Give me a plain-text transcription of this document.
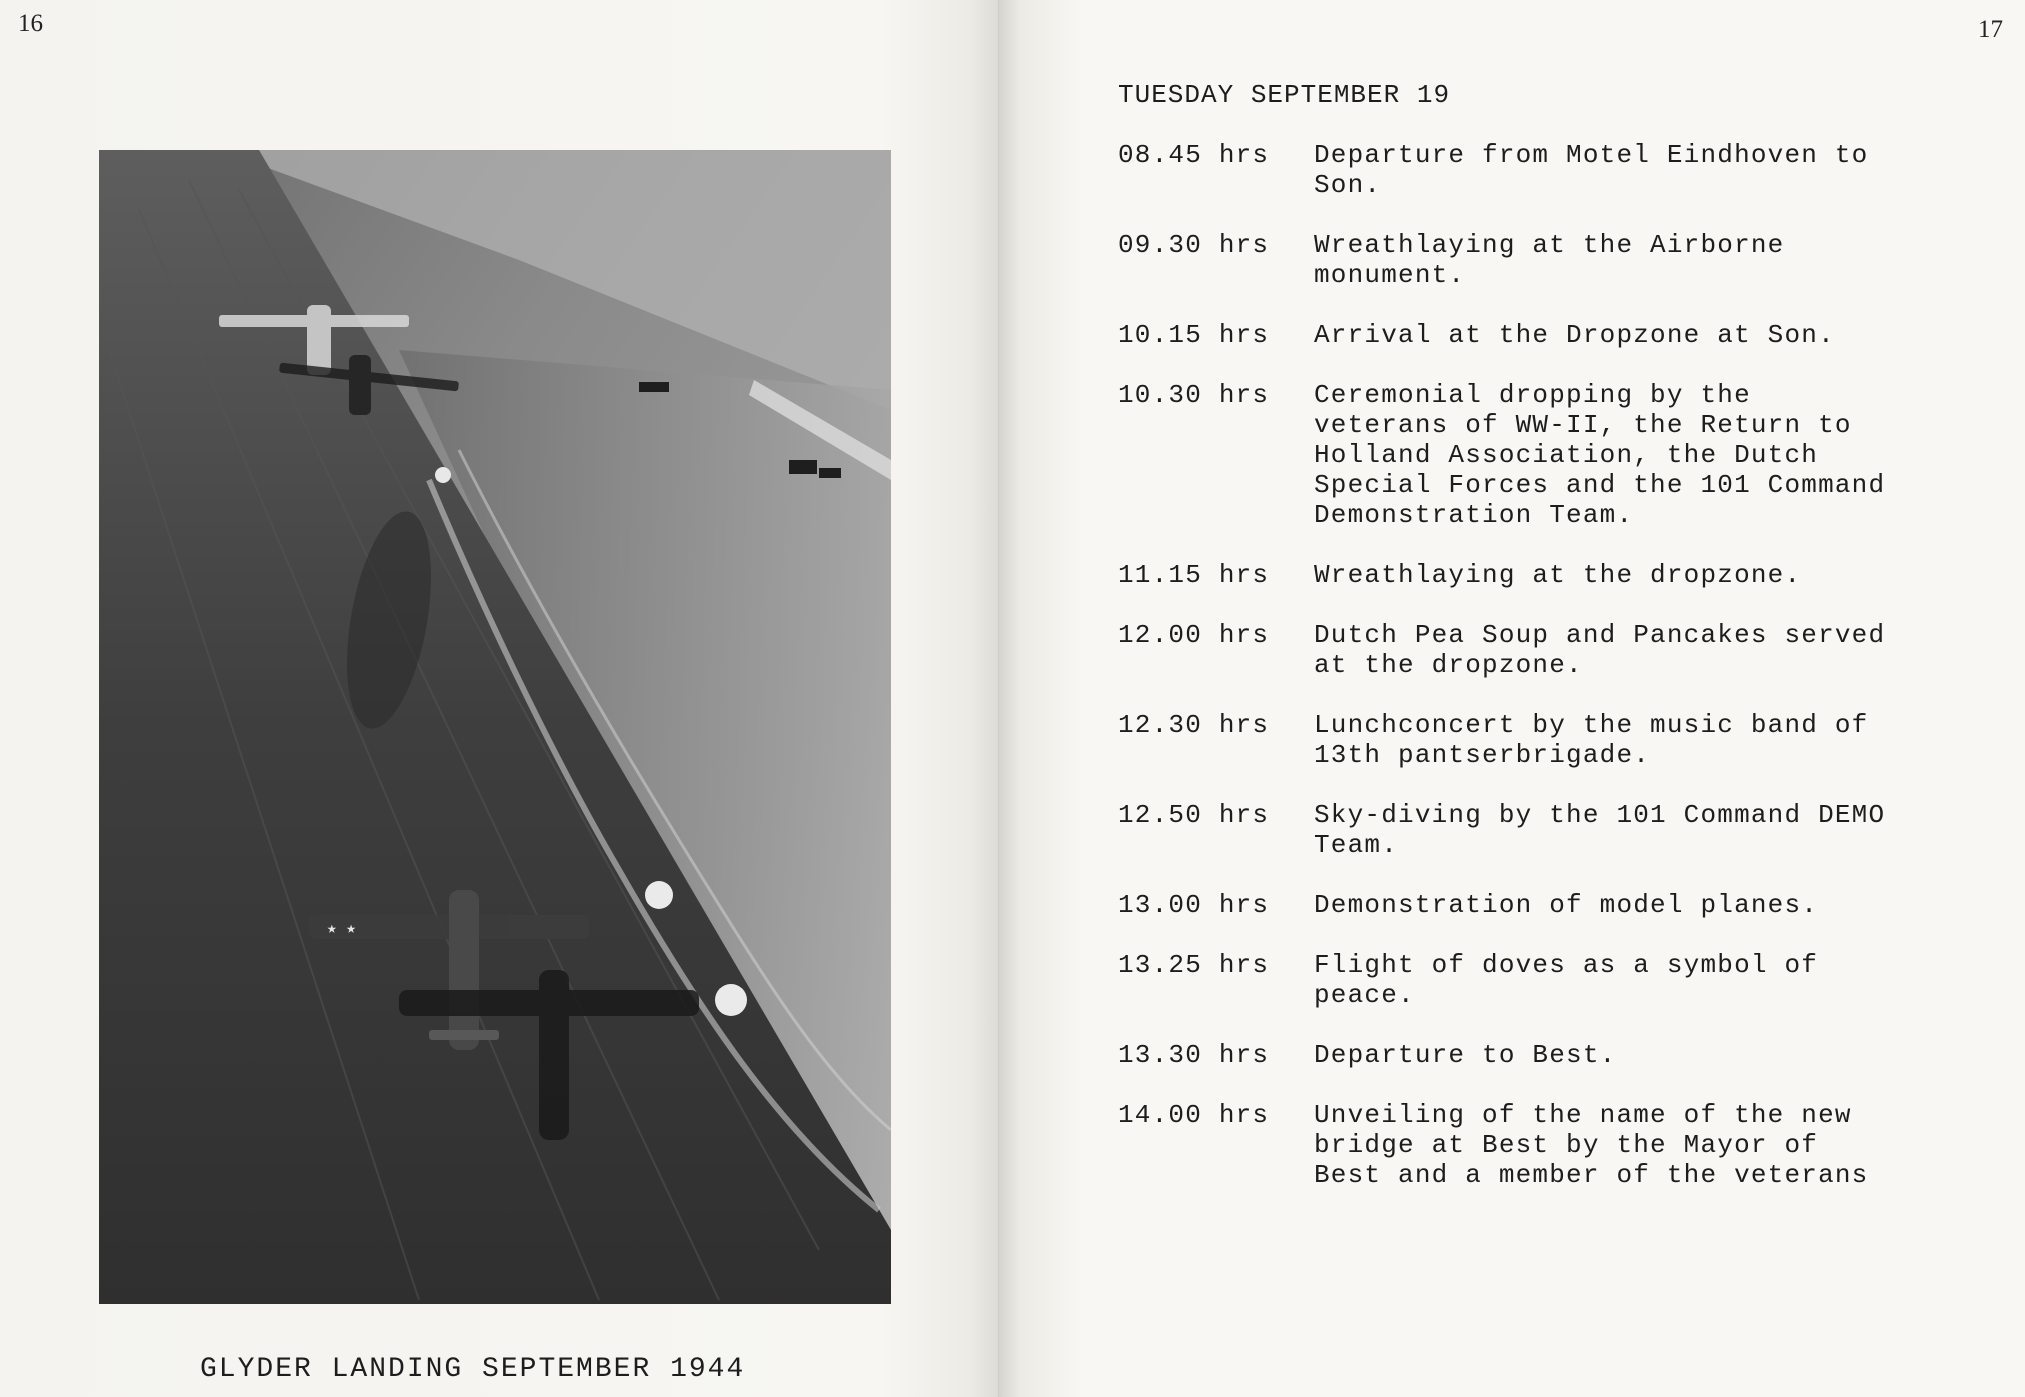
16
★ ★
GLYDER LANDING SEPTEMBER 1944
17
TUESDAY SEPTEMBER 19
08.45 hrs	Departure from Motel Eindhoven to
Son.
09.30 hrs	Wreathlaying at the Airborne
monument.
10.15 hrs	Arrival at the Dropzone at Son.
10.30 hrs	Ceremonial dropping by the
veterans of WW-II, the Return to
Holland Association, the Dutch
Special Forces and the 101 Command
Demonstration Team.
11.15 hrs	Wreathlaying at the dropzone.
12.00 hrs	Dutch Pea Soup and Pancakes served
at the dropzone.
12.30 hrs	Lunchconcert by the music band of
13th pantserbrigade.
12.50 hrs	Sky-diving by the 101 Command DEMO
Team.
13.00 hrs	Demonstration of model planes.
13.25 hrs	Flight of doves as a symbol of
peace.
13.30 hrs	Departure to Best.
14.00 hrs	Unveiling of the name of the new
bridge at Best by the Mayor of
Best and a member of the veterans
